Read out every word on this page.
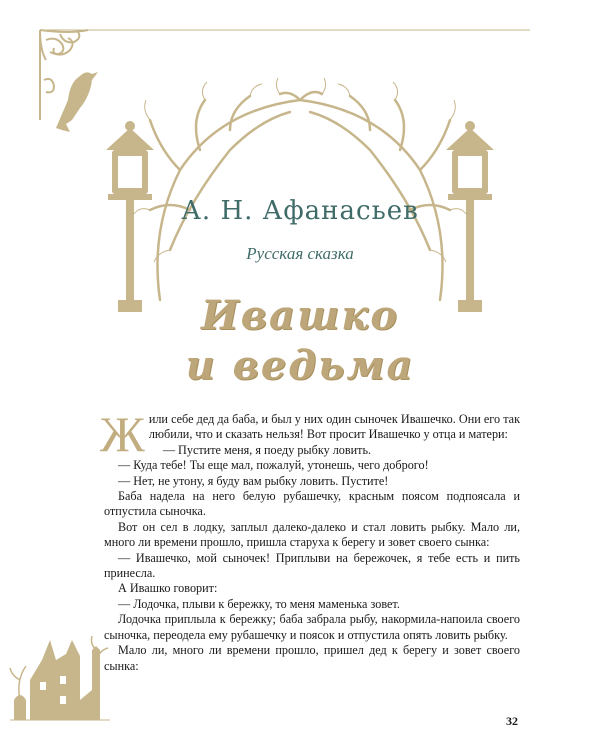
А. Н. Афанасьев
Русская сказка
Ивашко
и ведьма

Жили себе дед да баба, и был у них один сыночек Ивашечко. Они его так любили, что и сказать нельзя! Вот просит Ивашечко у отца и матери:

— Пустите меня, я поеду рыбку ловить.

— Куда тебе! Ты еще мал, пожалуй, утонешь, чего доброго!

— Нет, не утону, я буду вам рыбку ловить. Пустите!

Баба надела на него белую рубашечку, красным поясом подпоясала и отпустила сыночка.

Вот он сел в лодку, заплыл далеко-далеко и стал ловить рыбку. Мало ли, много ли времени прошло, пришла старуха к берегу и зовет своего сынка:

— Ивашечко, мой сыночек! Приплыви на бережочек, я тебе есть и пить принесла.

А Ивашко говорит:

— Лодочка, плыви к бережку, то меня маменька зовет.

Лодочка приплыла к бережку; баба забрала рыбу, накормила-напоила своего сыночка, переодела ему рубашечку и поясок и отпустила опять ловить рыбку.

Мало ли, много ли времени прошло, пришел дед к берегу и зовет своего сынка:

32
